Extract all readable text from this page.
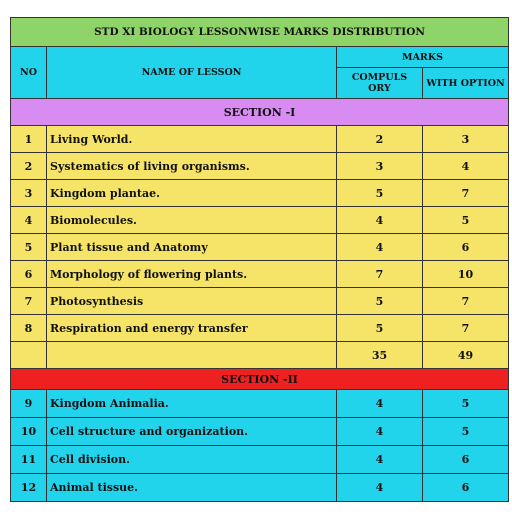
STD XI BIOLOGY LESSONWISE MARKS DISTRIBUTION			
NO	NAME OF LESSON	MARKS	
		COMPULS ORY	WITH OPTION
SECTION -I			
1	Living World.	2	3
2	Systematics of living organisms.	3	4
3	Kingdom plantae.	5	7
4	Biomolecules.	4	5
5	Plant tissue and Anatomy	4	6
6	Morphology of flowering plants.	7	10
7	Photosynthesis	5	7
8	Respiration and energy transfer	5	7
		35	49
SECTION -II			
9	Kingdom Animalia.	4	5
10	Cell structure and organization.	4	5
11	Cell division.	4	6
12	Animal tissue.	4	6
